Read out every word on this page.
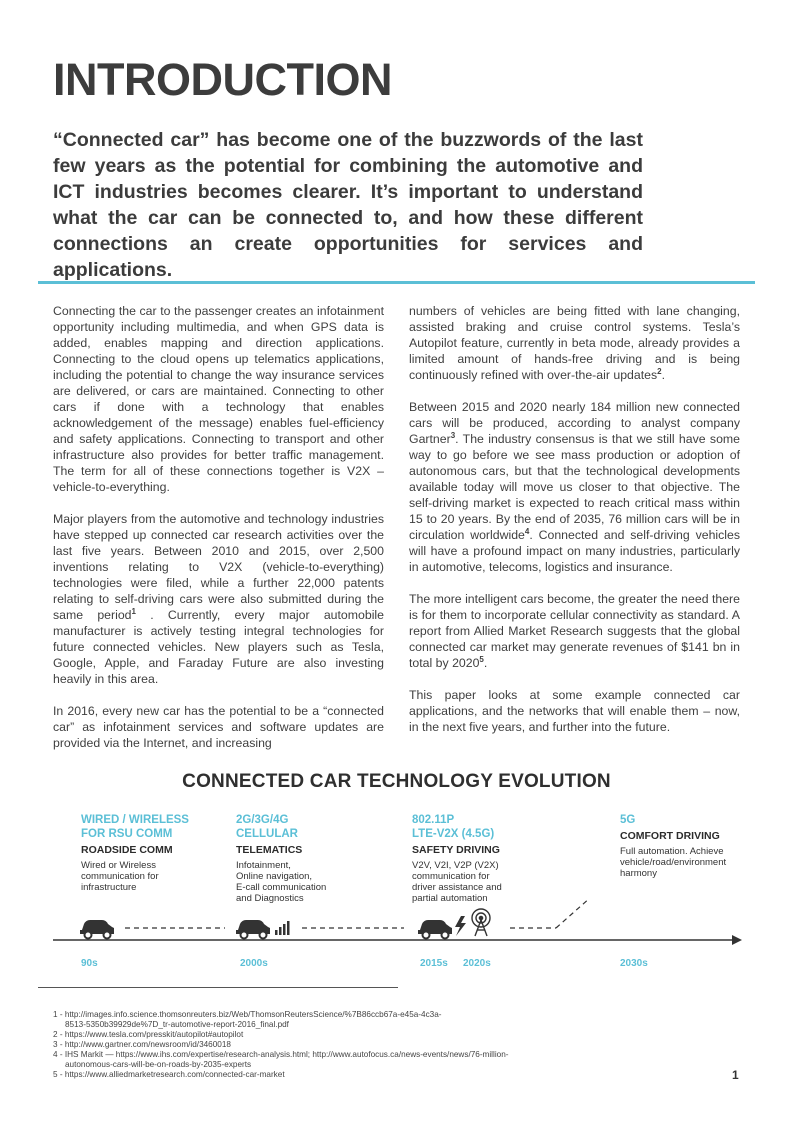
INTRODUCTION

“Connected car” has become one of the buzzwords of the last few years as the potential for combining the automotive and ICT industries becomes clearer. It’s important to understand what the car can be connected to, and how these different connections an create opportunities for services and applications.

Connecting the car to the passenger creates an infotainment opportunity including multimedia, and when GPS data is added, enables mapping and direction applications. Connecting to the cloud opens up telematics applications, including the potential to change the way insurance services are delivered, or cars are maintained. Connecting to other cars if done with a technology that enables acknowledgement of the message) enables fuel-efficiency and safety applications. Connecting to transport and other infrastructure also provides for better traffic management. The term for all of these connections together is V2X – vehicle-to-everything.

Major players from the automotive and technology industries have stepped up connected car research activities over the last five years. Between 2010 and 2015, over 2,500 inventions relating to V2X (vehicle-to-everything) technologies were filed, while a further 22,000 patents relating to self-driving cars were also submitted during the same period$^1$ . Currently, every major automobile manufacturer is actively testing integral technologies for future connected vehicles. New players such as Tesla, Google, Apple, and Faraday Future are also investing heavily in this area.

In 2016, every new car has the potential to be a “connected car” as infotainment services and software updates are provided via the Internet, and increasing

numbers of vehicles are being fitted with lane changing, assisted braking and cruise control systems. Tesla’s Autopilot feature, currently in beta mode, already provides a limited amount of hands-free driving and is being continuously refined with over-the-air updates$^2$.

Between 2015 and 2020 nearly 184 million new connected cars will be produced, according to analyst company Gartner$^3$. The industry consensus is that we still have some way to go before we see mass production or adoption of autonomous cars, but that the technological developments available today will move us closer to that objective. The self-driving market is expected to reach critical mass within 15 to 20 years. By the end of 2035, 76 million cars will be in circulation worldwide$^4$. Connected and self-driving vehicles will have a profound impact on many industries, particularly in automotive, telecoms, logistics and insurance.

The more intelligent cars become, the greater the need there is for them to incorporate cellular connectivity as standard. A report from Allied Market Research suggests that the global connected car market may generate revenues of $141 bn in total by 2020$^5$.

This paper looks at some example connected car applications, and the networks that will enable them – now, in the next five years, and further into the future.

CONNECTED CAR TECHNOLOGY EVOLUTION
WIRED / WIRELESS
FOR RSU COMM
ROADSIDE COMM
Wired or Wireless
communication for
infrastructure
2G/3G/4G
CELLULAR
TELEMATICS
Infotainment,
Online navigation,
E-call communication
and Diagnostics
802.11P
LTE-V2X (4.5G)
SAFETY DRIVING
V2V, V2I, V2P (V2X)
communication for
driver assistance and
partial automation
5G
COMFORT DRIVING
Full automation. Achieve
vehicle/road/environment
harmony
90s	2000s	2015s 2020s	2030s
1 - http://images.info.science.thomsonreuters.biz/Web/ThomsonReutersScience/%7B86ccb67a-e45a-4c3a-
8513-5350b39929de%7D_tr-automotive-report-2016_final.pdf
2 - https://www.tesla.com/presskit/autopilot#autopilot
3 - http://www.gartner.com/newsroom/id/3460018
4 - IHS Markit — https://www.ihs.com/expertise/research-analysis.html; http://www.autofocus.ca/news-events/news/76-million-
autonomous-cars-will-be-on-roads-by-2035-experts
5 - https://www.alliedmarketresearch.com/connected-car-market	1
